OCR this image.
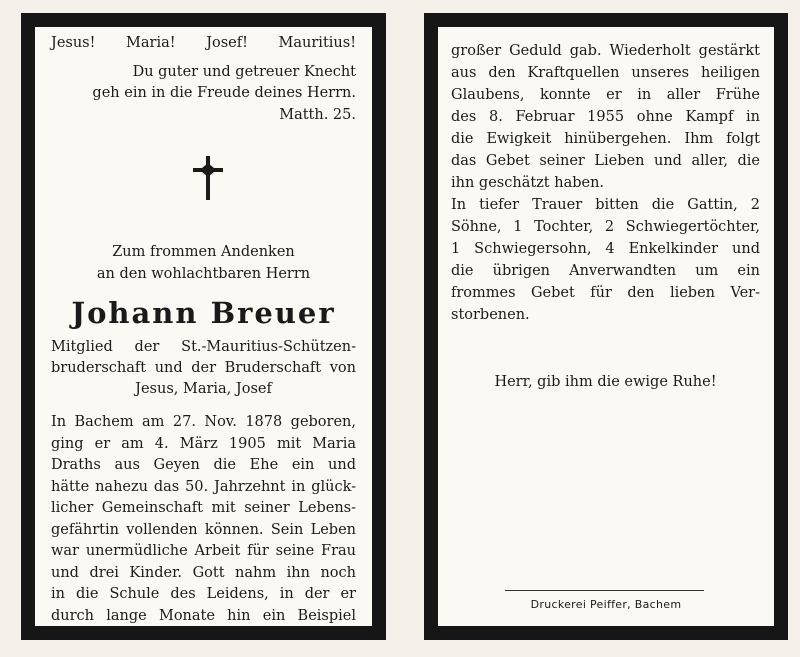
Jesus! Maria! Josef! Mauritius!
Du guter und getreuer Knecht
geh ein in die Freude deines Herrn.
Matth. 25.
Zum frommen Andenken
an den wohlachtbaren Herrn
Johann Breuer
Mitglied der St.-Mauritius-Schützen-
bruderschaft und der Bruderschaft von
Jesus, Maria, Josef
In Bachem am 27. Nov. 1878 geboren,
ging er am 4. März 1905 mit Maria
Draths aus Geyen die Ehe ein und
hätte nahezu das 50. Jahrzehnt in glück-
licher Gemeinschaft mit seiner Lebens-
gefährtin vollenden können. Sein Leben
war unermüdliche Arbeit für seine Frau
und drei Kinder. Gott nahm ihn noch
in die Schule des Leidens, in der er
durch lange Monate hin ein Beispiel
großer Geduld gab. Wiederholt gestärkt
aus den Kraftquellen unseres heiligen
Glaubens, konnte er in aller Frühe
des 8. Februar 1955 ohne Kampf in
die Ewigkeit hinübergehen. Ihm folgt
das Gebet seiner Lieben und aller, die
ihn geschätzt haben.
In tiefer Trauer bitten die Gattin, 2
Söhne, 1 Tochter, 2 Schwiegertöchter,
1 Schwiegersohn, 4 Enkelkinder und
die übrigen Anverwandten um ein
frommes Gebet für den lieben Ver-
storbenen.
Herr, gib ihm die ewige Ruhe!
Druckerei Peiffer, Bachem
